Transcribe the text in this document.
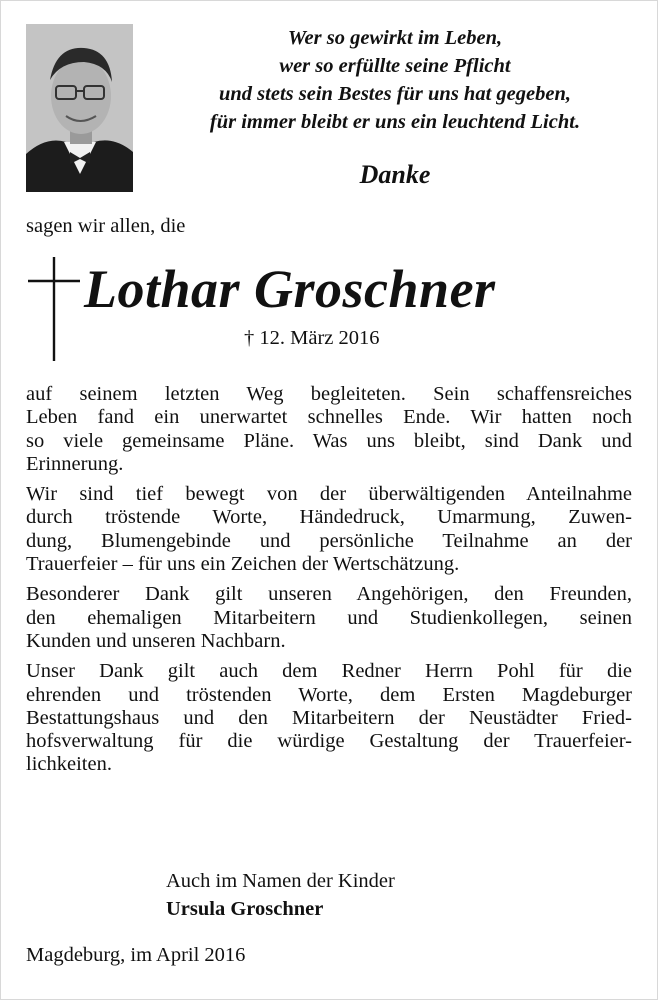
Wer so gewirkt im Leben,
wer so erfüllte seine Pflicht
und stets sein Bestes für uns hat gegeben,
für immer bleibt er uns ein leuchtend Licht.
Danke
sagen wir allen, die
Lothar Groschner
† 12. März 2016
auf seinem letzten Weg begleiteten. Sein schaffensreiches
Leben fand ein unerwartet schnelles Ende. Wir hatten noch
so viele gemeinsame Pläne. Was uns bleibt, sind Dank und
Erinnerung.
Wir sind tief bewegt von der überwältigenden Anteilnahme
durch tröstende Worte, Händedruck, Umarmung, Zuwen-
dung, Blumengebinde und persönliche Teilnahme an der
Trauerfeier – für uns ein Zeichen der Wertschätzung.
Besonderer Dank gilt unseren Angehörigen, den Freunden,
den ehemaligen Mitarbeitern und Studienkollegen, seinen
Kunden und unseren Nachbarn.
Unser Dank gilt auch dem Redner Herrn Pohl für die
ehrenden und tröstenden Worte, dem Ersten Magdeburger
Bestattungshaus und den Mitarbeitern der Neustädter Fried-
hofsverwaltung für die würdige Gestaltung der Trauerfeier-
lichkeiten.
Auch im Namen der Kinder
Ursula Groschner
Magdeburg, im April 2016
